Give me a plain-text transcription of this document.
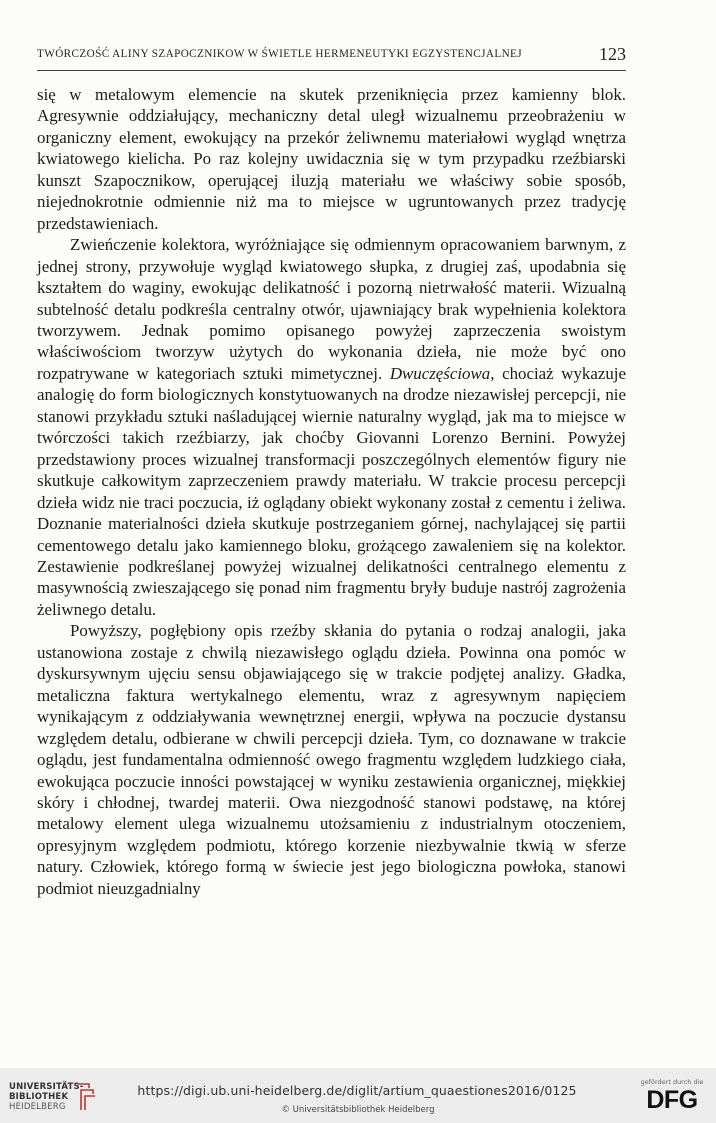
TWÓRCZOŚĆ ALINY SZAPOCZNIKOW W ŚWIETLE HERMENEUTYKI EGZYSTENCJALNEJ	123

się w metalowym elemencie na skutek przeniknięcia przez kamienny blok. Agresywnie oddziałujący, mechaniczny detal uległ wizualnemu przeobrażeniu w organiczny element, ewokujący na przekór żeliwnemu materiałowi wygląd wnętrza kwiatowego kielicha. Po raz kolejny uwidacznia się w tym przypadku rzeźbiarski kunszt Szapocznikow, operującej iluzją materiału we właściwy sobie sposób, niejednokrotnie odmiennie niż ma to miejsce w ugruntowanych przez tradycję przedstawieniach.

Zwieńczenie kolektora, wyróżniające się odmiennym opracowaniem barwnym, z jednej strony, przywołuje wygląd kwiatowego słupka, z drugiej zaś, upodabnia się kształtem do waginy, ewokując delikatność i pozorną nietrwałość materii. Wizualną subtelność detalu podkreśla centralny otwór, ujawniający brak wypełnienia kolektora tworzywem. Jednak pomimo opisanego powyżej zaprzeczenia swoistym właściwościom tworzyw użytych do wykonania dzieła, nie może być ono rozpatrywane w kategoriach sztuki mimetycznej. Dwuczęściowa, chociaż wykazuje analogię do form biologicznych konstytuowanych na drodze niezawisłej percepcji, nie stanowi przykładu sztuki naśladującej wiernie naturalny wygląd, jak ma to miejsce w twórczości takich rzeźbiarzy, jak choćby Giovanni Lorenzo Bernini. Powyżej przedstawiony proces wizualnej transformacji poszczególnych elementów figury nie skutkuje całkowitym zaprzeczeniem prawdy materiału. W trakcie procesu percepcji dzieła widz nie traci poczucia, iż oglądany obiekt wykonany został z cementu i żeliwa. Doznanie materialności dzieła skutkuje postrzeganiem górnej, nachylającej się partii cementowego detalu jako kamiennego bloku, grożącego zawaleniem się na kolektor. Zestawienie podkreślanej powyżej wizualnej delikatności centralnego elementu z masywnością zwieszającego się ponad nim fragmentu bryły buduje nastrój zagrożenia żeliwnego detalu.

Powyższy, pogłębiony opis rzeźby skłania do pytania o rodzaj analogii, jaka ustanowiona zostaje z chwilą niezawisłego oglądu dzieła. Powinna ona pomóc w dyskursywnym ujęciu sensu objawiającego się w trakcie podjętej analizy. Gładka, metaliczna faktura wertykalnego elementu, wraz z agresywnym napięciem wynikającym z oddziaływania wewnętrznej energii, wpływa na poczucie dystansu względem detalu, odbierane w chwili percepcji dzieła. Tym, co doznawane w trakcie oglądu, jest fundamentalna odmienność owego fragmentu względem ludzkiego ciała, ewokująca poczucie inności powstającej w wyniku zestawienia organicznej, miękkiej skóry i chłodnej, twardej materii. Owa niezgodność stanowi podstawę, na której metalowy element ulega wizualnemu utożsamieniu z industrialnym otoczeniem, opresyjnym względem podmiotu, którego korzenie niezbywalnie tkwią w sferze natury. Człowiek, którego formą w świecie jest jego biologiczna powłoka, stanowi podmiot nieuzgadnialny

UNIVERSITÄTS-
BIBLIOTHEK
HEIDELBERG
https://digi.ub.uni-heidelberg.de/diglit/artium_quaestiones2016/0125
© Universitätsbibliothek Heidelberg
gefördert durch die
DFG
